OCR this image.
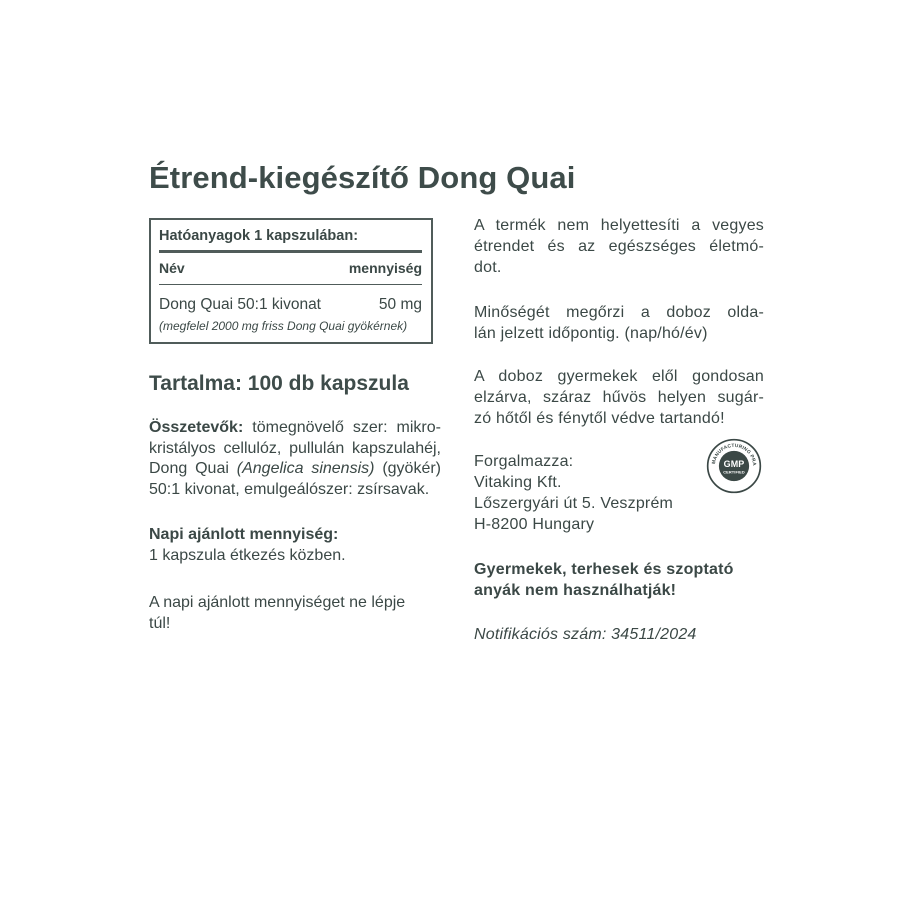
Étrend-kiegészítő Dong Quai

Hatóanyagok 1 kapszulában:

Név	mennyiség
Dong Quai 50:1 kivonat	50 mg
(megfelel 2000 mg friss Dong Quai gyökérnek)

Tartalma: 100 db kapszula

Összetevők: tömegnövelő szer: mikro-
kristályos cellulóz, pullulán kapszulahéj,
Dong Quai (Angelica sinensis) (gyökér)
50:1 kivonat, emulgeálószer: zsírsavak.
Napi ajánlott mennyiség:
1 kapszula étkezés közben.
A napi ajánlott mennyiséget ne lépje
túl!
A termék nem helyettesíti a vegyes
étrendet és az egészséges életmó-
dot.
Minőségét megőrzi a doboz olda-
lán jelzett időpontig. (nap/hó/év)
A doboz gyermekek elől gondosan
elzárva, száraz hűvös helyen sugár-
zó hőtől és fénytől védve tartandó!
Forgalmazza:
Vitaking Kft.
Lőszergyári út 5. Veszprém
H-8200 Hungary
MANUFACTURING PRA
GMP
CERTIFIED
Gyermekek, terhesek és szoptató
anyák nem használhatják!
Notifikációs szám: 34511/2024
